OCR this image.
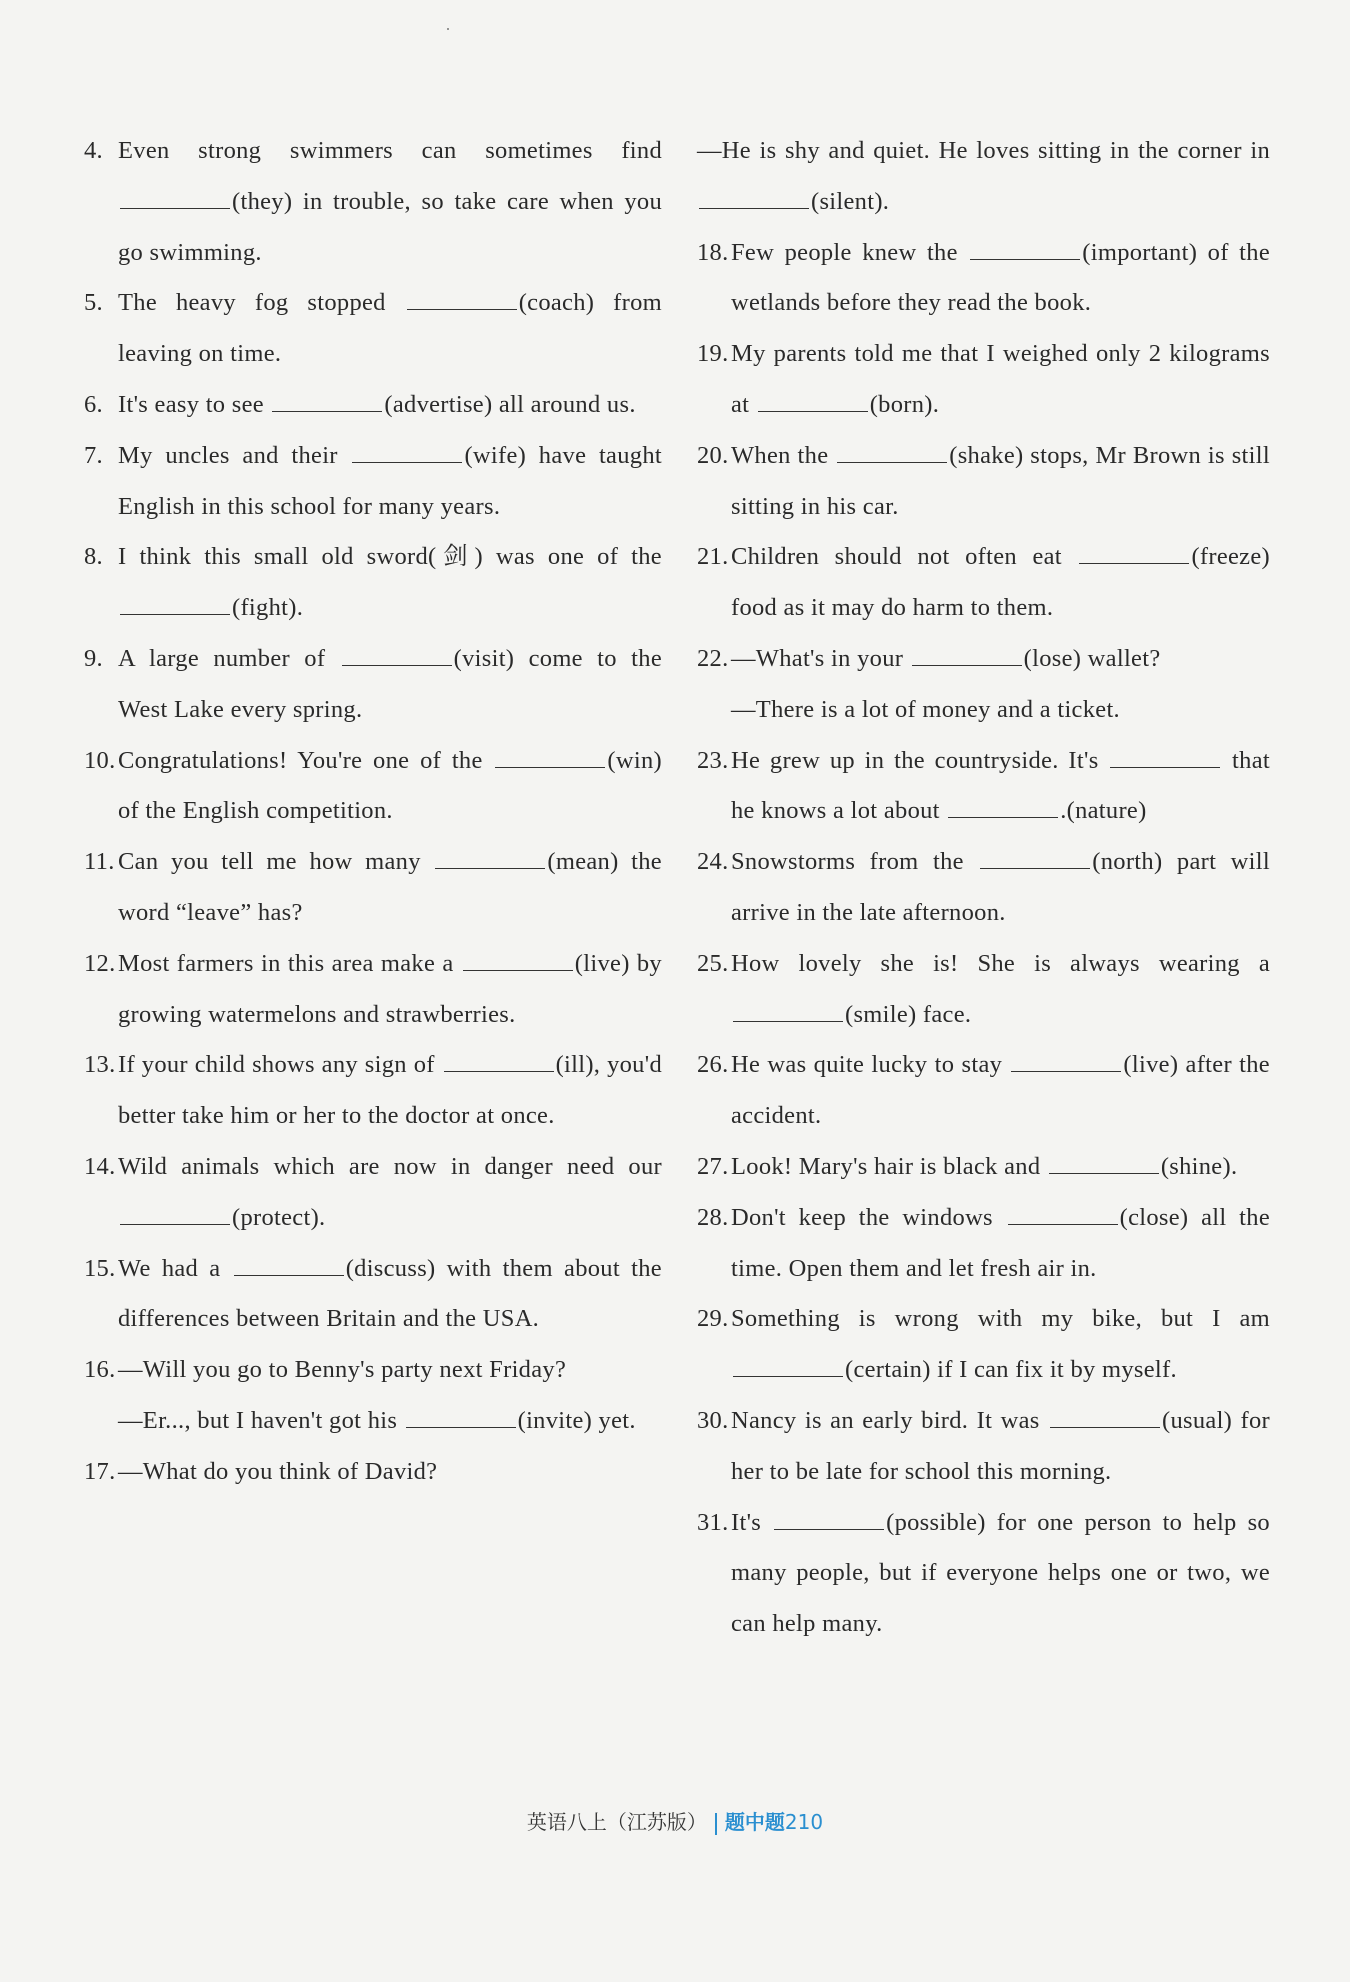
4. Even strong swimmers can sometimes find (they) in trouble, so take care when you go swimming.
5. The heavy fog stopped	(coach) from leaving on time.
6. It's easy to see	(advertise) all around us.
7. My uncles and their	(wife) have taught English in this school for many years.
8. I think this small old sword(剑) was one of the (fight).
9. A large number of	(visit) come to the West Lake every spring.
10. Congratulations! You're one of the	(win) of the English competition.
11. Can you tell me how many	(mean) the word “leave” has?
12. Most farmers in this area make a	(live) by growing watermelons and strawberries.
13. If your child shows any sign of	(ill), you'd better take him or her to the doctor at once.
14. Wild animals which are now in danger need our (protect).
15. We had a	(discuss) with them about the differences between Britain and the USA.
16. —Will you go to Benny's party next Friday?
—Er..., but I haven't got his	(invite) yet.
17. —What do you think of David?
—He is shy and quiet. He loves sitting in the corner in (silent).
18. Few people knew the	(important) of the wetlands before they read the book.
19. My parents told me that I weighed only 2 kilograms at	(born).
20. When the	(shake) stops, Mr Brown is still sitting in his car.
21. Children should not often eat	(freeze) food as it may do harm to them.
22. —What's in your	(lose) wallet?
—There is a lot of money and a ticket.
23. He grew up in the countryside. It's	that he knows a lot about	.(nature)
24. Snowstorms from the	(north) part will arrive in the late afternoon.
25. How lovely she is! She is always wearing a (smile) face.
26. He was quite lucky to stay	(live) after the accident.
27. Look! Mary's hair is black and	(shine).
28. Don't keep the windows	(close) all the time. Open them and let fresh air in.
29. Something is wrong with my bike, but I am (certain) if I can fix it by myself.
30. Nancy is an early bird. It was	(usual) for her to be late for school this morning.
31. It's	(possible) for one person to help so many people, but if everyone helps one or two, we can help many.
英语八上（江苏版） 题中题210
